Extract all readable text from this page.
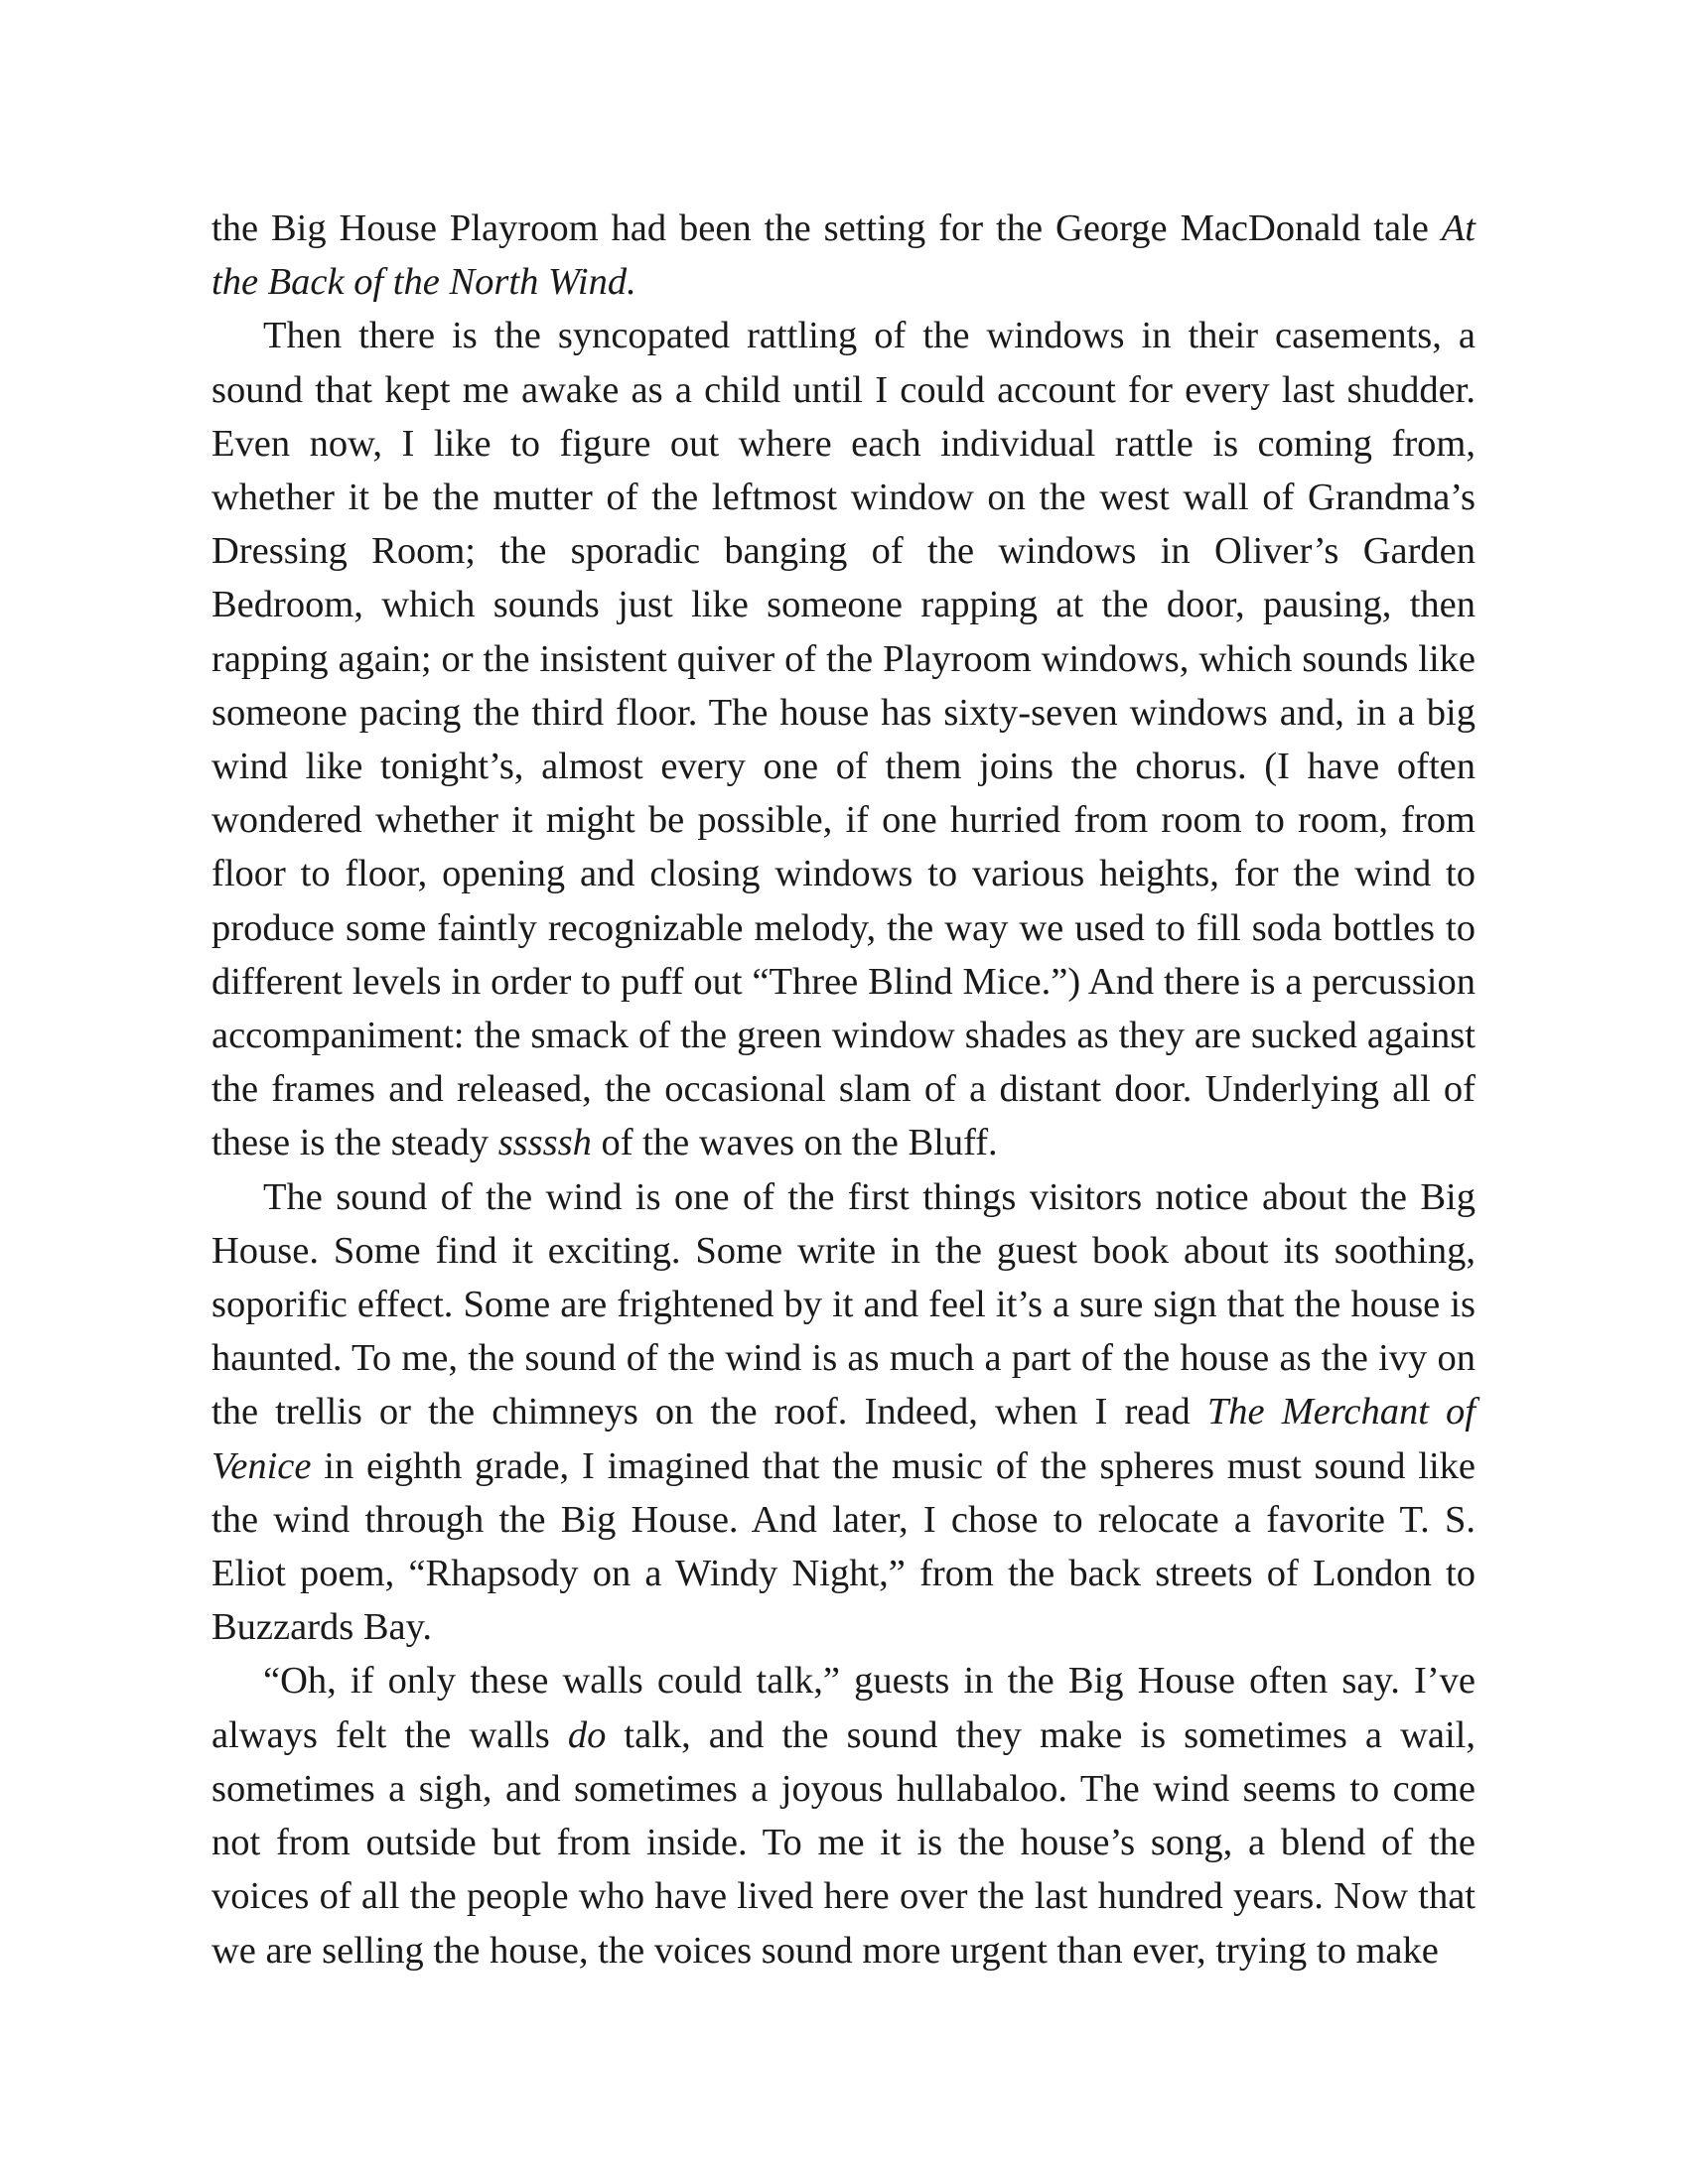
the Big House Playroom had been the setting for the George MacDonald tale At the Back of the North Wind.

Then there is the syncopated rattling of the windows in their casements, a sound that kept me awake as a child until I could account for every last shudder. Even now, I like to figure out where each individual rattle is coming from, whether it be the mutter of the leftmost window on the west wall of Grandma’s Dressing Room; the sporadic banging of the windows in Oliver’s Garden Bedroom, which sounds just like someone rapping at the door, pausing, then rapping again; or the insistent quiver of the Playroom windows, which sounds like someone pacing the third floor. The house has sixty-seven windows and, in a big wind like tonight’s, almost every one of them joins the chorus. (I have often wondered whether it might be possible, if one hurried from room to room, from floor to floor, opening and closing windows to various heights, for the wind to produce some faintly recognizable melody, the way we used to fill soda bottles to different levels in order to puff out “Three Blind Mice.”) And there is a percussion accompaniment: the smack of the green window shades as they are sucked against the frames and released, the occasional slam of a distant door. Underlying all of these is the steady sssssh of the waves on the Bluff.

The sound of the wind is one of the first things visitors notice about the Big House. Some find it exciting. Some write in the guest book about its soothing, soporific effect. Some are frightened by it and feel it’s a sure sign that the house is haunted. To me, the sound of the wind is as much a part of the house as the ivy on the trellis or the chimneys on the roof. Indeed, when I read The Merchant of Venice in eighth grade, I imagined that the music of the spheres must sound like the wind through the Big House. And later, I chose to relocate a favorite T. S. Eliot poem, “Rhapsody on a Windy Night,” from the back streets of London to Buzzards Bay.

“Oh, if only these walls could talk,” guests in the Big House often say. I’ve always felt the walls do talk, and the sound they make is sometimes a wail, sometimes a sigh, and sometimes a joyous hullabaloo. The wind seems to come not from outside but from inside. To me it is the house’s song, a blend of the voices of all the people who have lived here over the last hundred years. Now that we are selling the house, the voices sound more urgent than ever, trying to make
